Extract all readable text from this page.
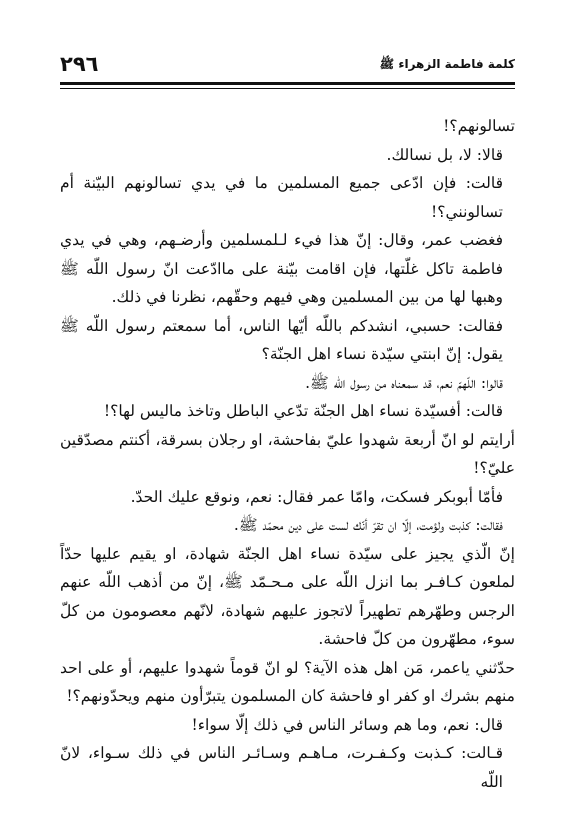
٢٩٦	كلمة فاطمة الزهراء ﷺ

تسالونهم؟!

قالا: لا، بل نسالك.

قالت: فإن ادّعى جميع المسلمين ما في يدي تسالونهم البيّنة أم تسالونني؟!

فغضب عمر، وقال: إنّ هذا فيء لـلمسلمين وأرضـهم، وهي في يدي فاطمة تاكل غلّتها، فإن اقامت بيّنة على ماادّعت انّ رسول اللّه ﷺ وهبها لها من بين المسلمين وهي فيهم وحقّهم، نظرنا في ذلك.

فقالت: حسبي، انشدكم باللّه أيّها الناس، أما سمعتم رسول اللّه ﷺ يقول: إنّ ابنتي سيّدة نساء اهل الجنّة؟

قالوا: اللّهمّ نعم، قد سمعناه من رسول اللّه ﷺ.

قالت: أفسيّدة نساء اهل الجنّة تدّعي الباطل وتاخذ ماليس لها؟!

أرايتم لو انّ أربعة شهدوا عليّ بفاحشة، او رجلان بسرقة، أكنتم مصدّقين عليّ؟!

فأمّا أبوبكر فسكت، وامّا عمر فقال: نعم، ونوقع عليك الحدّ.

فقالت: كذبت ولؤمت، إلّا ان تقرّ أنّك لست على دين محمّد ﷺ.

إنّ الّذي يجيز على سيّدة نساء اهل الجنّة شهادة، او يقيم عليها حدّاً لملعون كـافـر بما انزل اللّه على مـحـمّد ﷺ، إنّ من أذهب اللّه عنهم الرجس وطهّرهم تطهيراً لاتجوز عليهم شهادة، لانّهم معصومون من كلّ سوء، مطهّرون من كلّ فاحشة.

حدّثني ياعمر، مَن اهل هذه الآية؟ لو انّ قوماً شهدوا عليهم، أو على احد منهم بشرك او كفر او فاحشة كان المسلمون يتبرّأون منهم ويحدّونهم؟!

قال: نعم، وما هم وسائر الناس في ذلك إلّا سواء!

قـالت: كـذبت وكـفـرت، مـاهـم وسـائـر الناس في ذلك سـواء، لانّ اللّه
